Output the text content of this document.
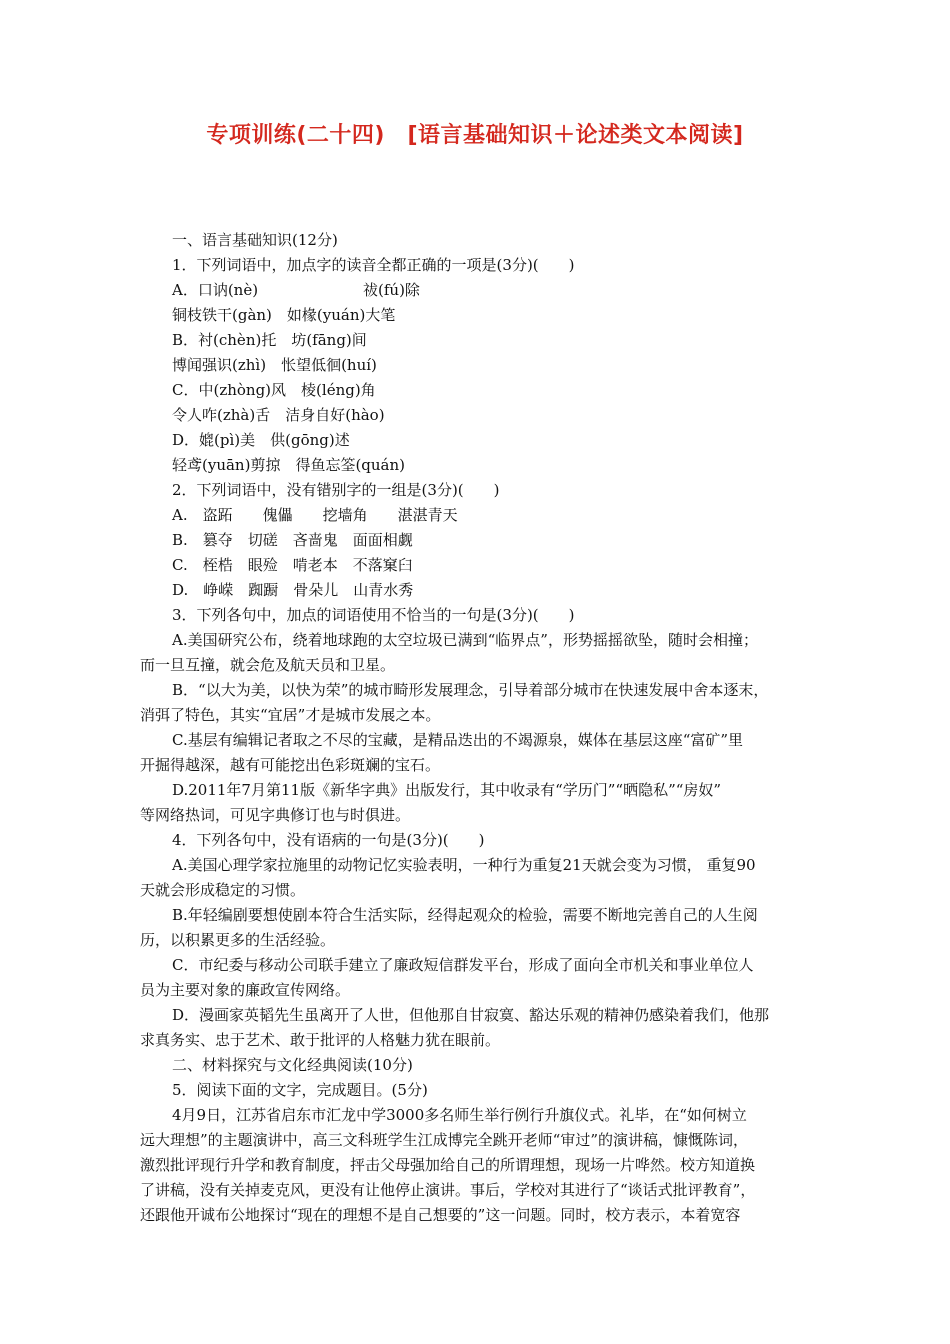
专项训练(二十四)　[语言基础知识＋论述类文本阅读]
一、语言基础知识(12分)
1．下列词语中，加点字的读音全都正确的一项是(3分)(　　)
A．口讷(nè)	祓(fú)除
铜枝铁干(gàn)　如椽(yuán)大笔
B．衬(chèn)托　坊(fāng)间
博闻强识(zhì)　怅望低徊(huí)
C．中(zhòng)风　棱(léng)角
令人咋(zhà)舌　洁身自好(hào)
D．媲(pì)美　供(gōng)述
轻鸢(yuān)剪掠　得鱼忘筌(quán)
2．下列词语中，没有错别字的一组是(3分)(　　)
A.　盗跖　　傀儡　　挖墙角　　湛湛青天
B.　篡夺　切磋　吝啬鬼　面面相觑
C.　桎梏　眼殓　啃老本　不落窠臼
D.　峥嵘　踟蹰　骨朵儿　山青水秀
3．下列各句中，加点的词语使用不恰当的一句是(3分)(　　)
A.美国研究公布，绕着地球跑的太空垃圾已满到“临界点”，形势摇摇欲坠，随时会相撞；
而一旦互撞，就会危及航天员和卫星。
B．“以大为美，以快为荣”的城市畸形发展理念，引导着部分城市在快速发展中舍本逐末，
消弭了特色，其实“宜居”才是城市发展之本。
C.基层有编辑记者取之不尽的宝藏，是精品迭出的不竭源泉，媒体在基层这座“富矿”里
开掘得越深，越有可能挖出色彩斑斓的宝石。
D.2011年7月第11版《新华字典》出版发行，其中收录有“学历门”“晒隐私”“房奴”
等网络热词，可见字典修订也与时俱进。
4．下列各句中，没有语病的一句是(3分)(　　)
A.美国心理学家拉施里的动物记忆实验表明，一种行为重复21天就会变为习惯， 重复90
天就会形成稳定的习惯。
B.年轻编剧要想使剧本符合生活实际，经得起观众的检验，需要不断地完善自己的人生阅
历，以积累更多的生活经验。
C．市纪委与移动公司联手建立了廉政短信群发平台，形成了面向全市机关和事业单位人
员为主要对象的廉政宣传网络。
D．漫画家英韬先生虽离开了人世，但他那自甘寂寞、豁达乐观的精神仍感染着我们，他那
求真务实、忠于艺术、敢于批评的人格魅力犹在眼前。
二、材料探究与文化经典阅读(10分)
5．阅读下面的文字，完成题目。(5分)
4月9日，江苏省启东市汇龙中学3000多名师生举行例行升旗仪式。礼毕，在“如何树立
远大理想”的主题演讲中，高三文科班学生江成博完全跳开老师“审过”的演讲稿，慷慨陈词，
激烈批评现行升学和教育制度，抨击父母强加给自己的所谓理想，现场一片哗然。校方知道换
了讲稿，没有关掉麦克风，更没有让他停止演讲。事后，学校对其进行了“谈话式批评教育”，
还跟他开诚布公地探讨“现在的理想不是自己想要的”这一问题。同时，校方表示，本着宽容
